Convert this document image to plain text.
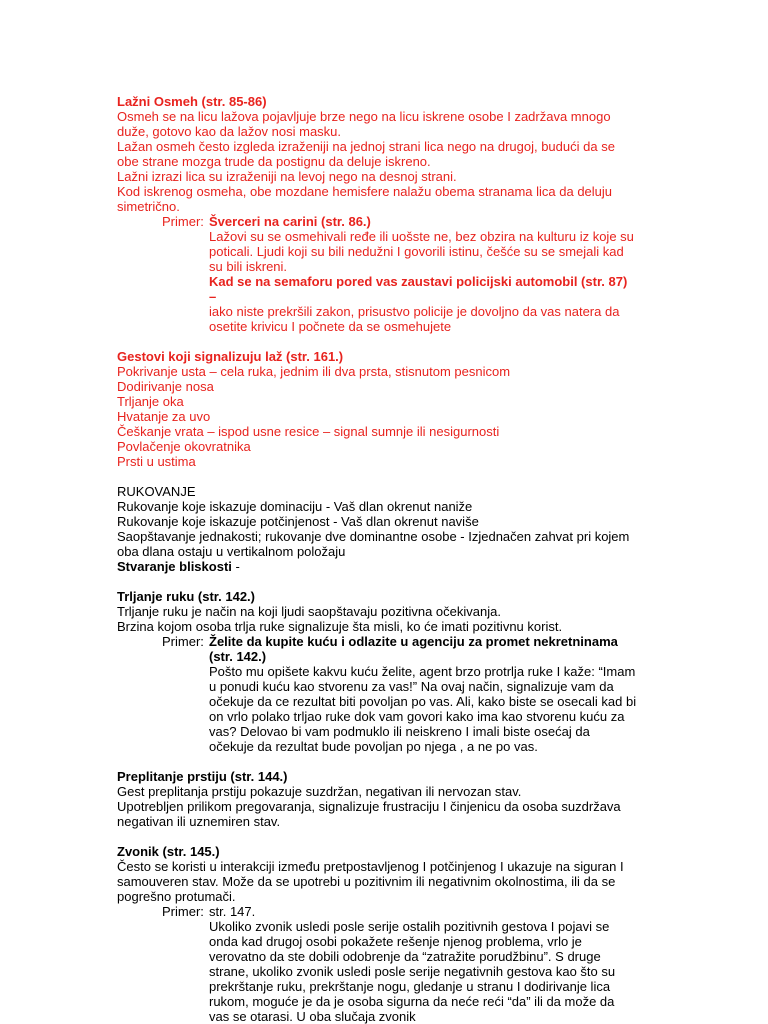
Lažni Osmeh (str. 85-86)

Osmeh se na licu lažova pojavljuje brze nego na licu iskrene osobe I zadržava mnogo duže, gotovo kao da lažov nosi masku.

Lažan osmeh često izgleda izraženiji na jednoj strani lica nego na drugoj, budući da se obe strane mozga trude da postignu da deluje iskreno.

Lažni izrazi lica su izraženiji na levoj nego na desnoj strani.

Kod iskrenog osmeha, obe mozdane hemisfere nalažu obema stranama lica da deluju simetrično.

Primer: Šverceri na carini (str. 86.)

Lažovi su se osmehivali ređe ili uošste ne, bez obzira na kulturu iz koje su poticali. Ljudi koji su bili nedužni I govorili istinu, češće su se smejali kad su bili iskreni.

Kad se na semaforu pored vas zaustavi policijski automobil (str. 87) –

iako niste prekršili zakon, prisustvo policije je dovoljno da vas natera da osetite krivicu I počnete da se osmehujete

Gestovi koji signalizuju laž (str. 161.)

Pokrivanje usta – cela ruka, jednim ili dva prsta, stisnutom pesnicom

Dodirivanje nosa

Trljanje oka

Hvatanje za uvo

Češkanje vrata – ispod usne resice – signal sumnje ili nesigurnosti

Povlačenje okovratnika

Prsti u ustima

RUKOVANJE

Rukovanje koje iskazuje dominaciju - Vaš dlan okrenut naniže

Rukovanje koje iskazuje potčinjenost - Vaš dlan okrenut naviše

Saopštavanje jednakosti; rukovanje dve dominantne osobe - Izjednačen zahvat pri kojem oba dlana ostaju u vertikalnom položaju

Stvaranje bliskosti -

Trljanje ruku (str. 142.)

Trljanje ruku je način na koji ljudi saopštavaju pozitivna očekivanja.

Brzina kojom osoba trlja ruke signalizuje šta misli, ko će imati pozitivnu korist.

Primer: Želite da kupite kuću i odlazite u agenciju za promet nekretninama (str. 142.)

Pošto mu opišete kakvu kuću želite, agent brzo protrlja ruke I kaže: “Imam u ponudi kuću kao stvorenu za vas!” Na ovaj način, signalizuje vam da očekuje da ce rezultat biti povoljan po vas. Ali, kako biste se osecali kad bi on vrlo polako trljao ruke dok vam govori kako ima kao stvorenu kuću za vas? Delovao bi vam podmuklo ili neiskreno I imali biste osećaj da očekuje da rezultat bude povoljan po njega , a ne po vas.

Preplitanje prstiju (str. 144.)

Gest preplitanja prstiju pokazuje suzdržan, negativan ili nervozan stav.

Upotrebljen prilikom pregovaranja, signalizuje frustraciju I činjenicu da osoba suzdržava negativan ili uznemiren stav.

Zvonik (str. 145.)

Često se koristi u interakciji između pretpostavljenog I potčinjenog I ukazuje na siguran I samouveren stav. Može da se upotrebi u pozitivnim ili negativnim okolnostima, ili da se pogrešno protumači.

Primer: str. 147.

Ukoliko zvonik usledi posle serije ostalih pozitivnih gestova I pojavi se onda kad drugoj osobi pokažete rešenje njenog problema, vrlo je verovatno da ste dobili odobrenje da “zatražite porudžbinu”. S druge strane, ukoliko zvonik usledi posle serije negativnih gestova kao što su prekrštanje ruku, prekrštanje nogu, gledanje u stranu I dodirivanje lica rukom, moguće je da je osoba sigurna da neće reći “da” ili da može da vas se otarasi. U oba slučaja zvonik
